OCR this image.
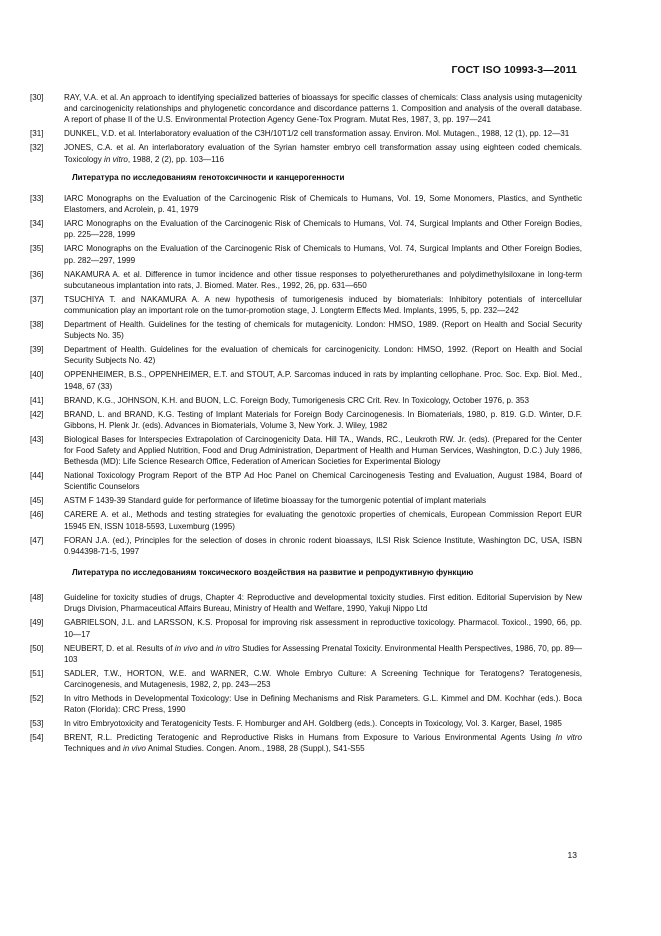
ГОСТ ISO 10993-3—2011
[30]	RAY, V.A. et al. An approach to identifying specialized batteries of bioassays for specific classes of chemicals: Class analysis using mutagenicity and carcinogenicity relationships and phylogenetic concordance and discordance patterns 1. Composition and analysis of the overall database. A report of phase II of the U.S. Environmental Protection Agency Gene-Tox Program. Mutat Res, 1987, 3, pp. 197—241
[31]	DUNKEL, V.D. et al. Interlaboratory evaluation of the C3H/10T1/2 cell transformation assay. Environ. Mol. Mutagen., 1988, 12 (1), pp. 12—31
[32]	JONES, C.A. et al. An interlaboratory evaluation of the Syrian hamster embryo cell transformation assay using eighteen coded chemicals. Toxicology in vitro, 1988, 2 (2), pp. 103—116
Литература по исследованиям генотоксичности и канцерогенности
[33]	IARC Monographs on the Evaluation of the Carcinogenic Risk of Chemicals to Humans, Vol. 19, Some Monomers, Plastics, and Synthetic Elastomers, and Acrolein, p. 41, 1979
[34]	IARC Monographs on the Evaluation of the Carcinogenic Risk of Chemicals to Humans, Vol. 74, Surgical Implants and Other Foreign Bodies, pp. 225—228, 1999
[35]	IARC Monographs on the Evaluation of the Carcinogenic Risk of Chemicals to Humans, Vol. 74, Surgical Implants and Other Foreign Bodies, pp. 282—297, 1999
[36]	NAKAMURA A. et al. Difference in tumor incidence and other tissue responses to polyetherurethanes and polydimethylsiloxane in long-term subcutaneous implantation into rats, J. Biomed. Mater. Res., 1992, 26, pp. 631—650
[37]	TSUCHIYA T. and NAKAMURA A. A new hypothesis of tumorigenesis induced by biomaterials: Inhibitory potentials of intercellular communication play an important role on the tumor-promotion stage, J. Longterm Effects Med. Implants, 1995, 5, pp. 232—242
[38]	Department of Health. Guidelines for the testing of chemicals for mutagenicity. London: HMSO, 1989. (Report on Health and Social Security Subjects No. 35)
[39]	Department of Health. Guidelines for the evaluation of chemicals for carcinogenicity. London: HMSO, 1992. (Report on Health and Social Security Subjects No. 42)
[40]	OPPENHEIMER, B.S., OPPENHEIMER, E.T. and STOUT, A.P. Sarcomas induced in rats by implanting cellophane. Proc. Soc. Exp. Biol. Med., 1948, 67 (33)
[41]	BRAND, K.G., JOHNSON, K.H. and BUON, L.C. Foreign Body, Tumorigenesis CRC Crit. Rev. In Toxicology, October 1976, p. 353
[42]	BRAND, L. and BRAND, K.G. Testing of Implant Materials for Foreign Body Carcinogenesis. In Biomaterials, 1980, p. 819. G.D. Winter, D.F. Gibbons, H. Plenk Jr. (eds). Advances in Biomaterials, Volume 3, New York. J. Wiley, 1982
[43]	Biological Bases for Interspecies Extrapolation of Carcinogenicity Data. Hill TA., Wands, RC., Leukroth RW. Jr. (eds). (Prepared for the Center for Food Safety and Applied Nutrition, Food and Drug Administration, Department of Health and Human Services, Washington, D.C.) July 1986, Bethesda (MD): Life Science Research Office, Federation of American Societies for Experimental Biology
[44]	National Toxicology Program Report of the BTP Ad Hoc Panel on Chemical Carcinogenesis Testing and Evaluation, August 1984, Board of Scientific Counselors
[45]	ASTM F 1439-39 Standard guide for performance of lifetime bioassay for the tumorgenic potential of implant materials
[46]	CARERE A. et al., Methods and testing strategies for evaluating the genotoxic properties of chemicals, European Commission Report EUR 15945 EN, ISSN 1018-5593, Luxemburg (1995)
[47]	FORAN J.A. (ed.), Principles for the selection of doses in chronic rodent bioassays, ILSI Risk Science Institute, Washington DC, USA, ISBN 0.944398-71-5, 1997
Литература по исследованиям токсического воздействия на развитие и репродуктивную функцию
[48]	Guideline for toxicity studies of drugs, Chapter 4: Reproductive and developmental toxicity studies. First edition. Editorial Supervision by New Drugs Division, Pharmaceutical Affairs Bureau, Ministry of Health and Welfare, 1990, Yakuji Nippo Ltd
[49]	GABRIELSON, J.L. and LARSSON, K.S. Proposal for improving risk assessment in reproductive toxicology. Pharmacol. Toxicol., 1990, 66, pp. 10—17
[50]	NEUBERT, D. et al. Results of in vivo and in vitro Studies for Assessing Prenatal Toxicity. Environmental Health Perspectives, 1986, 70, pp. 89—103
[51]	SADLER, T.W., HORTON, W.E. and WARNER, C.W. Whole Embryo Culture: A Screening Technique for Teratogens? Teratogenesis, Carcinogenesis, and Mutagenesis, 1982, 2, pp. 243—253
[52]	In vitro Methods in Developmental Toxicology: Use in Defining Mechanisms and Risk Parameters. G.L. Kimmel and DM. Kochhar (eds.). Boca Raton (Florida): CRC Press, 1990
[53]	In vitro Embryotoxicity and Teratogenicity Tests. F. Homburger and AH. Goldberg (eds.). Concepts in Toxicology, Vol. 3. Karger, Basel, 1985
[54]	BRENT, R.L. Predicting Teratogenic and Reproductive Risks in Humans from Exposure to Various Environmental Agents Using In vitro Techniques and in vivo Animal Studies. Congen. Anom., 1988, 28 (Suppl.), S41-S55
13
